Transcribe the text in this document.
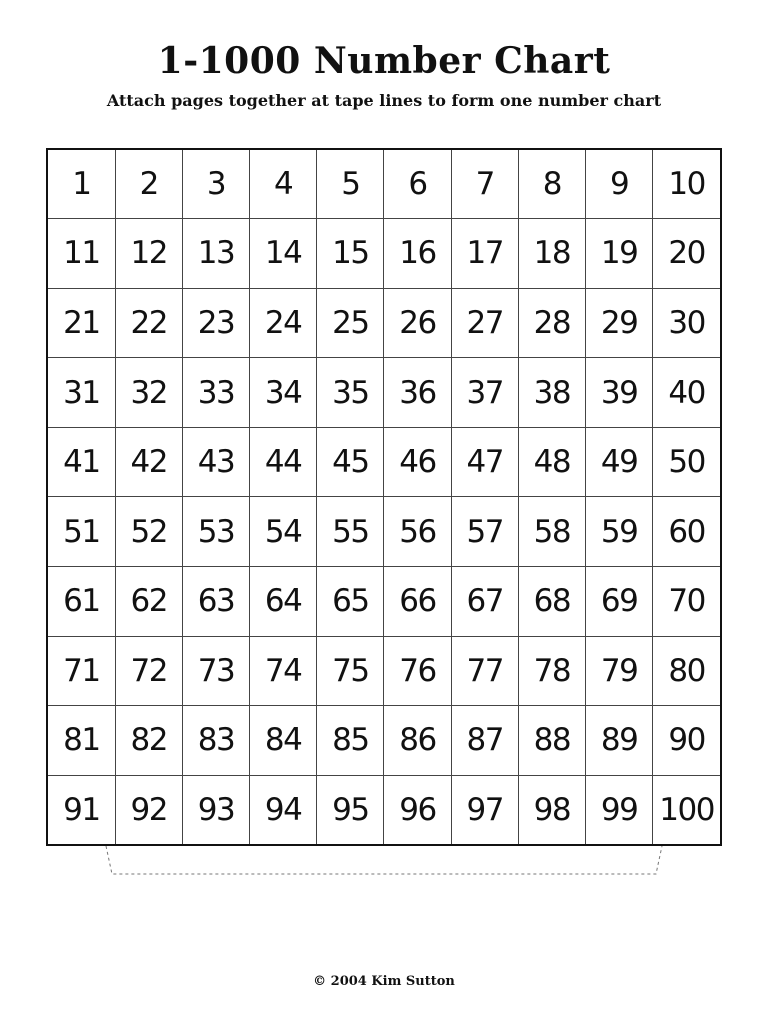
1-1000 Number Chart

Attach pages together at tape lines to form one number chart

1	2	3	4	5	6	7	8	9	10
11	12	13	14	15	16	17	18	19	20
21	22	23	24	25	26	27	28	29	30
31	32	33	34	35	36	37	38	39	40
41	42	43	44	45	46	47	48	49	50
51	52	53	54	55	56	57	58	59	60
61	62	63	64	65	66	67	68	69	70
71	72	73	74	75	76	77	78	79	80
81	82	83	84	85	86	87	88	89	90
91	92	93	94	95	96	97	98	99	100

© 2004 Kim Sutton
